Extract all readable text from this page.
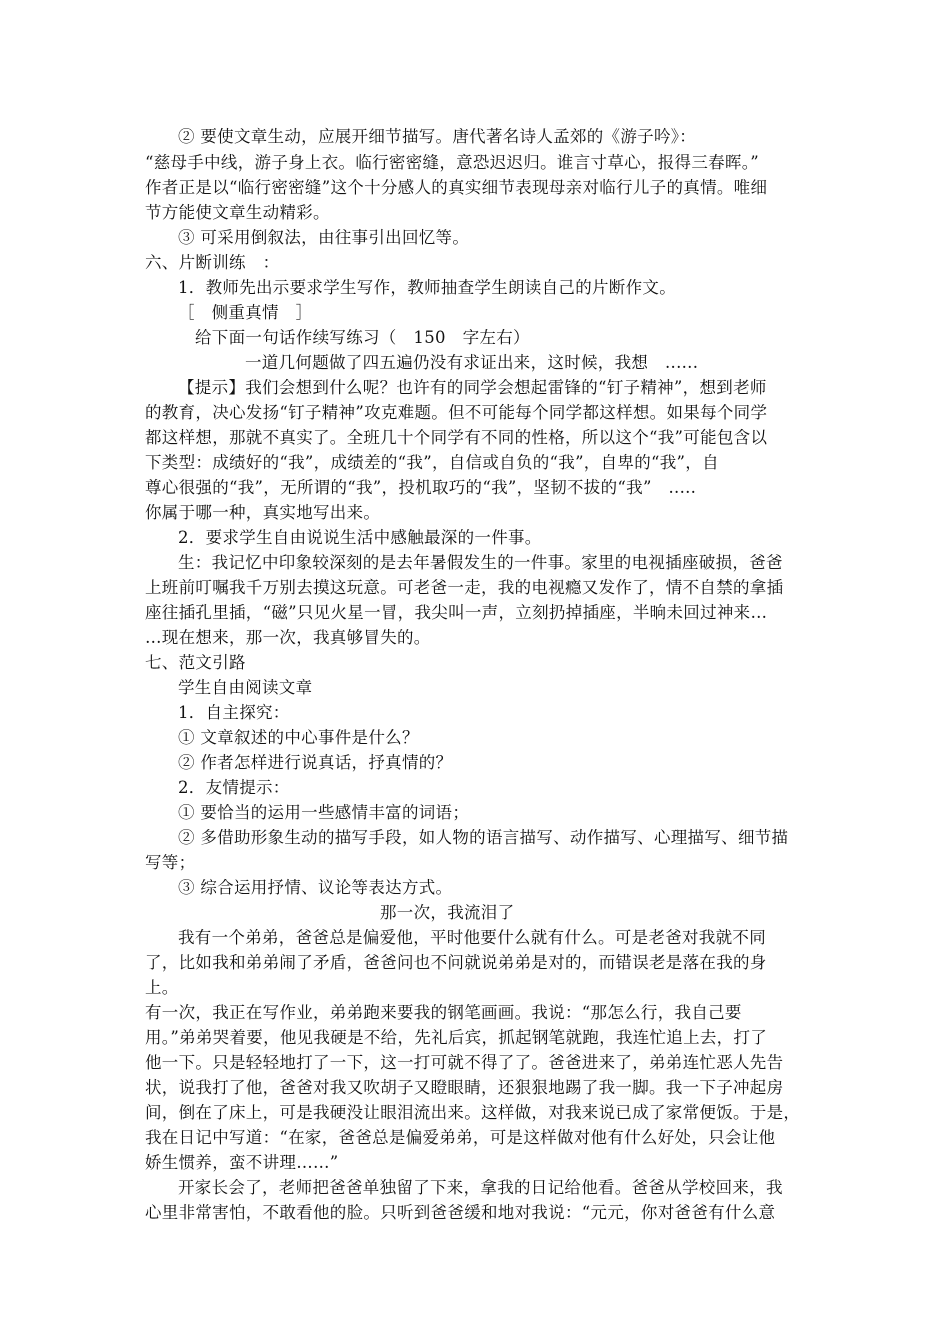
② 要使文章生动，应展开细节描写。唐代著名诗人孟郊的《游子吟》：
“慈母手中线，游子身上衣。临行密密缝，意恐迟迟归。谁言寸草心，报得三春晖。”
作者正是以“临行密密缝”这个十分感人的真实细节表现母亲对临行儿子的真情。唯细
节方能使文章生动精彩。
③ 可采用倒叙法，由往事引出回忆等。
六、片断训练　：
1．教师先出示要求学生写作，教师抽查学生朗读自己的片断作文。
［　侧重真情　］
给下面一句话作续写练习（　150　字左右）
一道几何题做了四五遍仍没有求证出来，这时候，我想　......
【提示】我们会想到什么呢？也许有的同学会想起雷锋的“钉子精神”，想到老师
的教育，决心发扬“钉子精神”攻克难题。但不可能每个同学都这样想。如果每个同学
都这样想，那就不真实了。全班几十个同学有不同的性格，所以这个“我”可能包含以
下类型：成绩好的“我”，成绩差的“我”，自信或自负的“我”，自卑的“我”，自
尊心很强的“我”，无所谓的“我”，投机取巧的“我”，坚韧不拔的“我”　.....
你属于哪一种，真实地写出来。
2．要求学生自由说说生活中感触最深的一件事。
生：我记忆中印象较深刻的是去年暑假发生的一件事。家里的电视插座破损，爸爸
上班前叮嘱我千万别去摸这玩意。可老爸一走，我的电视瘾又发作了，情不自禁的拿插
座往插孔里插，“磁”只见火星一冒，我尖叫一声，立刻扔掉插座，半晌未回过神来…
…现在想来，那一次，我真够冒失的。
七、范文引路
学生自由阅读文章
1．自主探究：
① 文章叙述的中心事件是什么？
② 作者怎样进行说真话，抒真情的？
2．友情提示：
① 要恰当的运用一些感情丰富的词语；
② 多借助形象生动的描写手段，如人物的语言描写、动作描写、心理描写、细节描
写等；
③ 综合运用抒情、议论等表达方式。
那一次，我流泪了
我有一个弟弟，爸爸总是偏爱他，平时他要什么就有什么。可是老爸对我就不同
了，比如我和弟弟闹了矛盾，爸爸问也不问就说弟弟是对的，而错误老是落在我的身
上。
有一次，我正在写作业，弟弟跑来要我的钢笔画画。我说：“那怎么行，我自己要
用。”弟弟哭着要，他见我硬是不给，先礼后宾，抓起钢笔就跑，我连忙追上去，打了
他一下。只是轻轻地打了一下，这一打可就不得了了。爸爸进来了，弟弟连忙恶人先告
状，说我打了他，爸爸对我又吹胡子又瞪眼睛，还狠狠地踢了我一脚。我一下子冲起房
间，倒在了床上，可是我硬没让眼泪流出来。这样做，对我来说已成了家常便饭。于是，
我在日记中写道：“在家，爸爸总是偏爱弟弟，可是这样做对他有什么好处，只会让他
娇生惯养，蛮不讲理……”
开家长会了，老师把爸爸单独留了下来，拿我的日记给他看。爸爸从学校回来，我
心里非常害怕，不敢看他的脸。只听到爸爸缓和地对我说：“元元，你对爸爸有什么意
